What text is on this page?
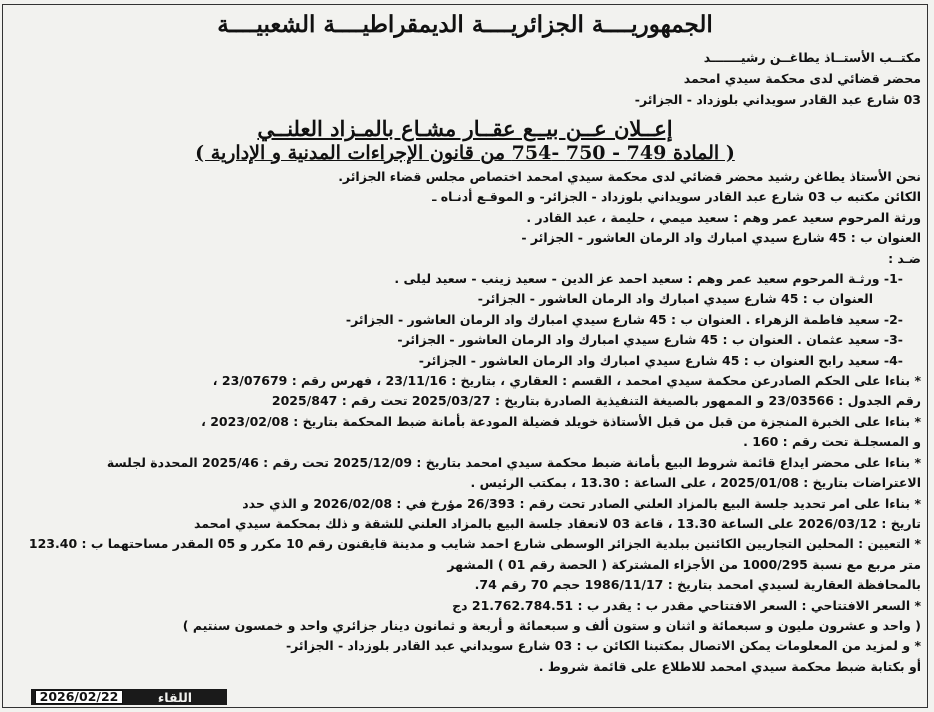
الجمهوريــــة الجزائريــــة الديمقراطيــــة الشعبيــــة
مكتــب الأستــاذ يطاغــن رشيـــــــد
محضر قضائي لدى محكمة سيدي امحمد
03 شارع عبد القادر سويداني بلوزداد - الجزائر-
إعــلان عــن بيــع عقــار مشـاع بالمـزاد العلنــي
( المادة 749 - 750 -754 من قانون الإجراءات المدنية و الإدارية )
نحن الأستاذ يطاغن رشيد محضر قضائي لدى محكمة سيدي امحمد اختصاص مجلس قضاء الجزائر.
الكائن مكتبه ب 03 شارع عبد القادر سويداني بلوزداد - الجزائر- و الموقـع أدنـاه ـ
ورثة المرحوم سعيد عمر وهم : سعيد ميمي ، حليمة ، عبد القادر .
العنوان ب : 45 شارع سيدي امبارك واد الرمان العاشور - الجزائر -
ضـد :
-1- ورثـة المرحوم سعيد عمر وهم : سعيد احمد عز الدين - سعيد زينب - سعيد ليلى .
العنوان ب : 45 شارع سيدي امبارك واد الرمان العاشور - الجزائر-
-2- سعيد فاطمة الزهراء . العنوان ب : 45 شارع سيدي امبارك واد الرمان العاشور - الجزائر-
-3- سعيد عثمان . العنوان ب : 45 شارع سيدي امبارك واد الرمان العاشور - الجزائر-
-4- سعيد رابح العنوان ب : 45 شارع سيدي امبارك واد الرمان العاشور - الجزائر-
* بناءا على الحكم الصادرعن محكمة سيدي امحمد ، القسم : العقاري ، بتاريخ : 23/11/16 ، فهرس رقم : 23/07679 ،
رقم الجدول : 23/03566 و الممهور بالصيغة التنفيذية الصادرة بتاريخ : 2025/03/27 تحت رقم : 2025/847
* بناءا على الخبرة المنجزة من قبل من قبل الأستاذة خويلد فضيلة المودعة بأمانة ضبط المحكمة بتاريخ : 2023/02/08 ،
و المسجلـة تحت رقم : 160 .
* بناءا على محضر ايداع قائمة شروط البيع بأمانة ضبط محكمة سيدي امحمد بتاريخ : 2025/12/09 تحت رقم : 2025/46 المحددة لجلسة
الاعتراضات بتاريخ : 2025/01/08 ، على الساعة : 13.30 ، بمكتب الرئيس .
* بناءا على امر تحديد جلسة البيع بالمزاد العلني الصادر تحت رقم : 26/393 مؤرخ في : 2026/02/08 و الذي حدد
تاريخ : 2026/03/12 على الساعة 13.30 ، قاعة 03 لانعقاد جلسة البيع بالمزاد العلني للشقة و ذلك بمحكمة سيدي امحمد
* التعيين : المحلين التجاريين الكائنين ببلدية الجزائر الوسطى شارع احمد شايب و مدينة قايقنون رقم 10 مكرر و 05 المقدر مساحتهما ب : 123.40
متر مربع مع نسبة 1000/295 من الأجزاء المشتركة ( الحصة رقم 01 ) المشهر
بالمحافظة العقارية لسيدي امحمد بتاريخ : 1986/11/17 حجم 70 رقم 74.
* السعر الافتتاحي : السعر الافتتاحي مقدر ب : يقدر ب : 21.762.784.51 دج
( واحد و عشرون مليون و سبعمائة و اثنان و ستون ألف و سبعمائة و أربعة و ثمانون دينار جزائري واحد و خمسون سنتيم )
* و لمزيد من المعلومات يمكن الاتصال بمكتبنا الكائن ب : 03 شارع سويداني عبد القادر بلوزداد - الجزائر-
أو بكتابة ضبط محكمة سيدي امحمد للاطلاع على قائمة شروط .
2026/02/22	اللقاء
